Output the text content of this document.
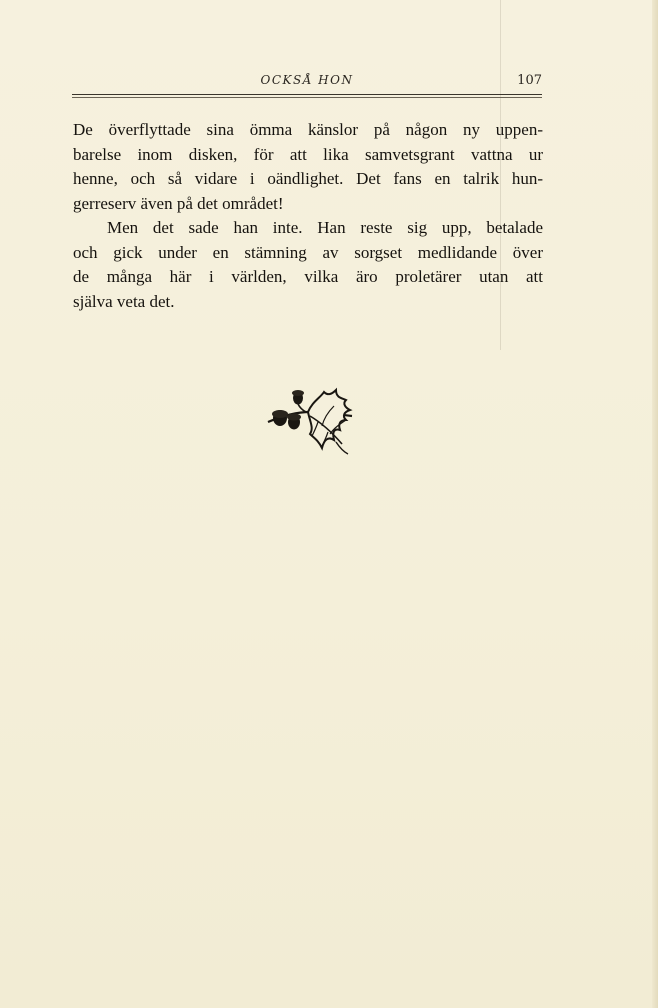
OCKSÅ HON	107

De överflyttade sina ömma känslor på någon ny uppen-
barelse inom disken, för att lika samvetsgrant vattna ur
henne, och så vidare i oändlighet. Det fans en talrik hun-
gerreserv även på det området!

Men det sade han inte. Han reste sig upp, betalade
och gick under en stämning av sorgset medlidande över
de många här i världen, vilka äro proletärer utan att
själva veta det.
